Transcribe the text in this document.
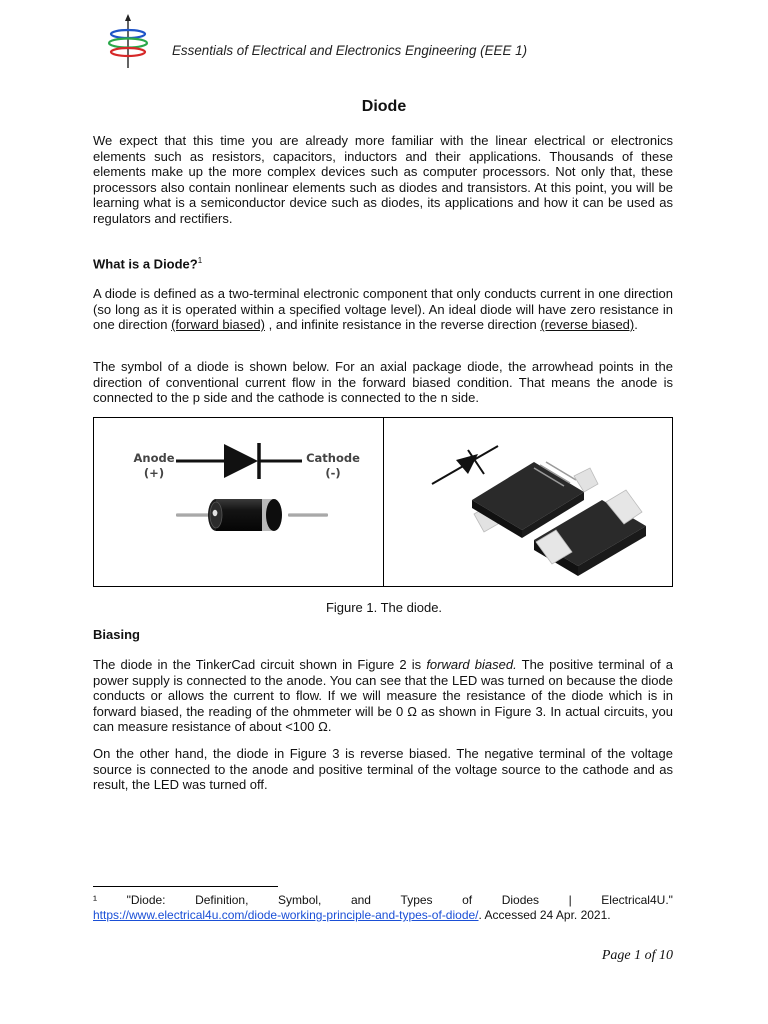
Essentials of Electrical and Electronics Engineering (EEE 1)
Diode

We expect that this time you are already more familiar with the linear electrical or electronics elements such as resistors, capacitors, inductors and their applications. Thousands of these elements make up the more complex devices such as computer processors. Not only that, these processors also contain nonlinear elements such as diodes and transistors. At this point, you will be learning what is a semiconductor device such as diodes, its applications and how it can be used as regulators and rectifiers.

What is a Diode?$^1$

A diode is defined as a two-terminal electronic component that only conducts current in one direction (so long as it is operated within a specified voltage level). An ideal diode will have zero resistance in one direction (forward biased) , and infinite resistance in the reverse direction (reverse biased).

The symbol of a diode is shown below. For an axial package diode, the arrowhead points in the direction of conventional current flow in the forward biased condition. That means the anode is connected to the p side and the cathode is connected to the n side.

Anode
(+)
Cathode
(-)
Figure 1. The diode.

Biasing

The diode in the TinkerCad circuit shown in Figure 2 is forward biased. The positive terminal of a power supply is connected to the anode. You can see that the LED was turned on because the diode conducts or allows the current to flow. If we will measure the resistance of the diode which is in forward biased, the reading of the ohmmeter will be 0 Ω as shown in Figure 3. In actual circuits, you can measure resistance of about <100 Ω.

On the other hand, the diode in Figure 3 is reverse biased. The negative terminal of the voltage source is connected to the anode and positive terminal of the voltage source to the cathode and as result, the LED was turned off.

¹ "Diode: Definition, Symbol, and Types of Diodes | Electrical4U."
https://www.electrical4u.com/diode-working-principle-and-types-of-diode/. Accessed 24 Apr. 2021.
Page 1 of 10
